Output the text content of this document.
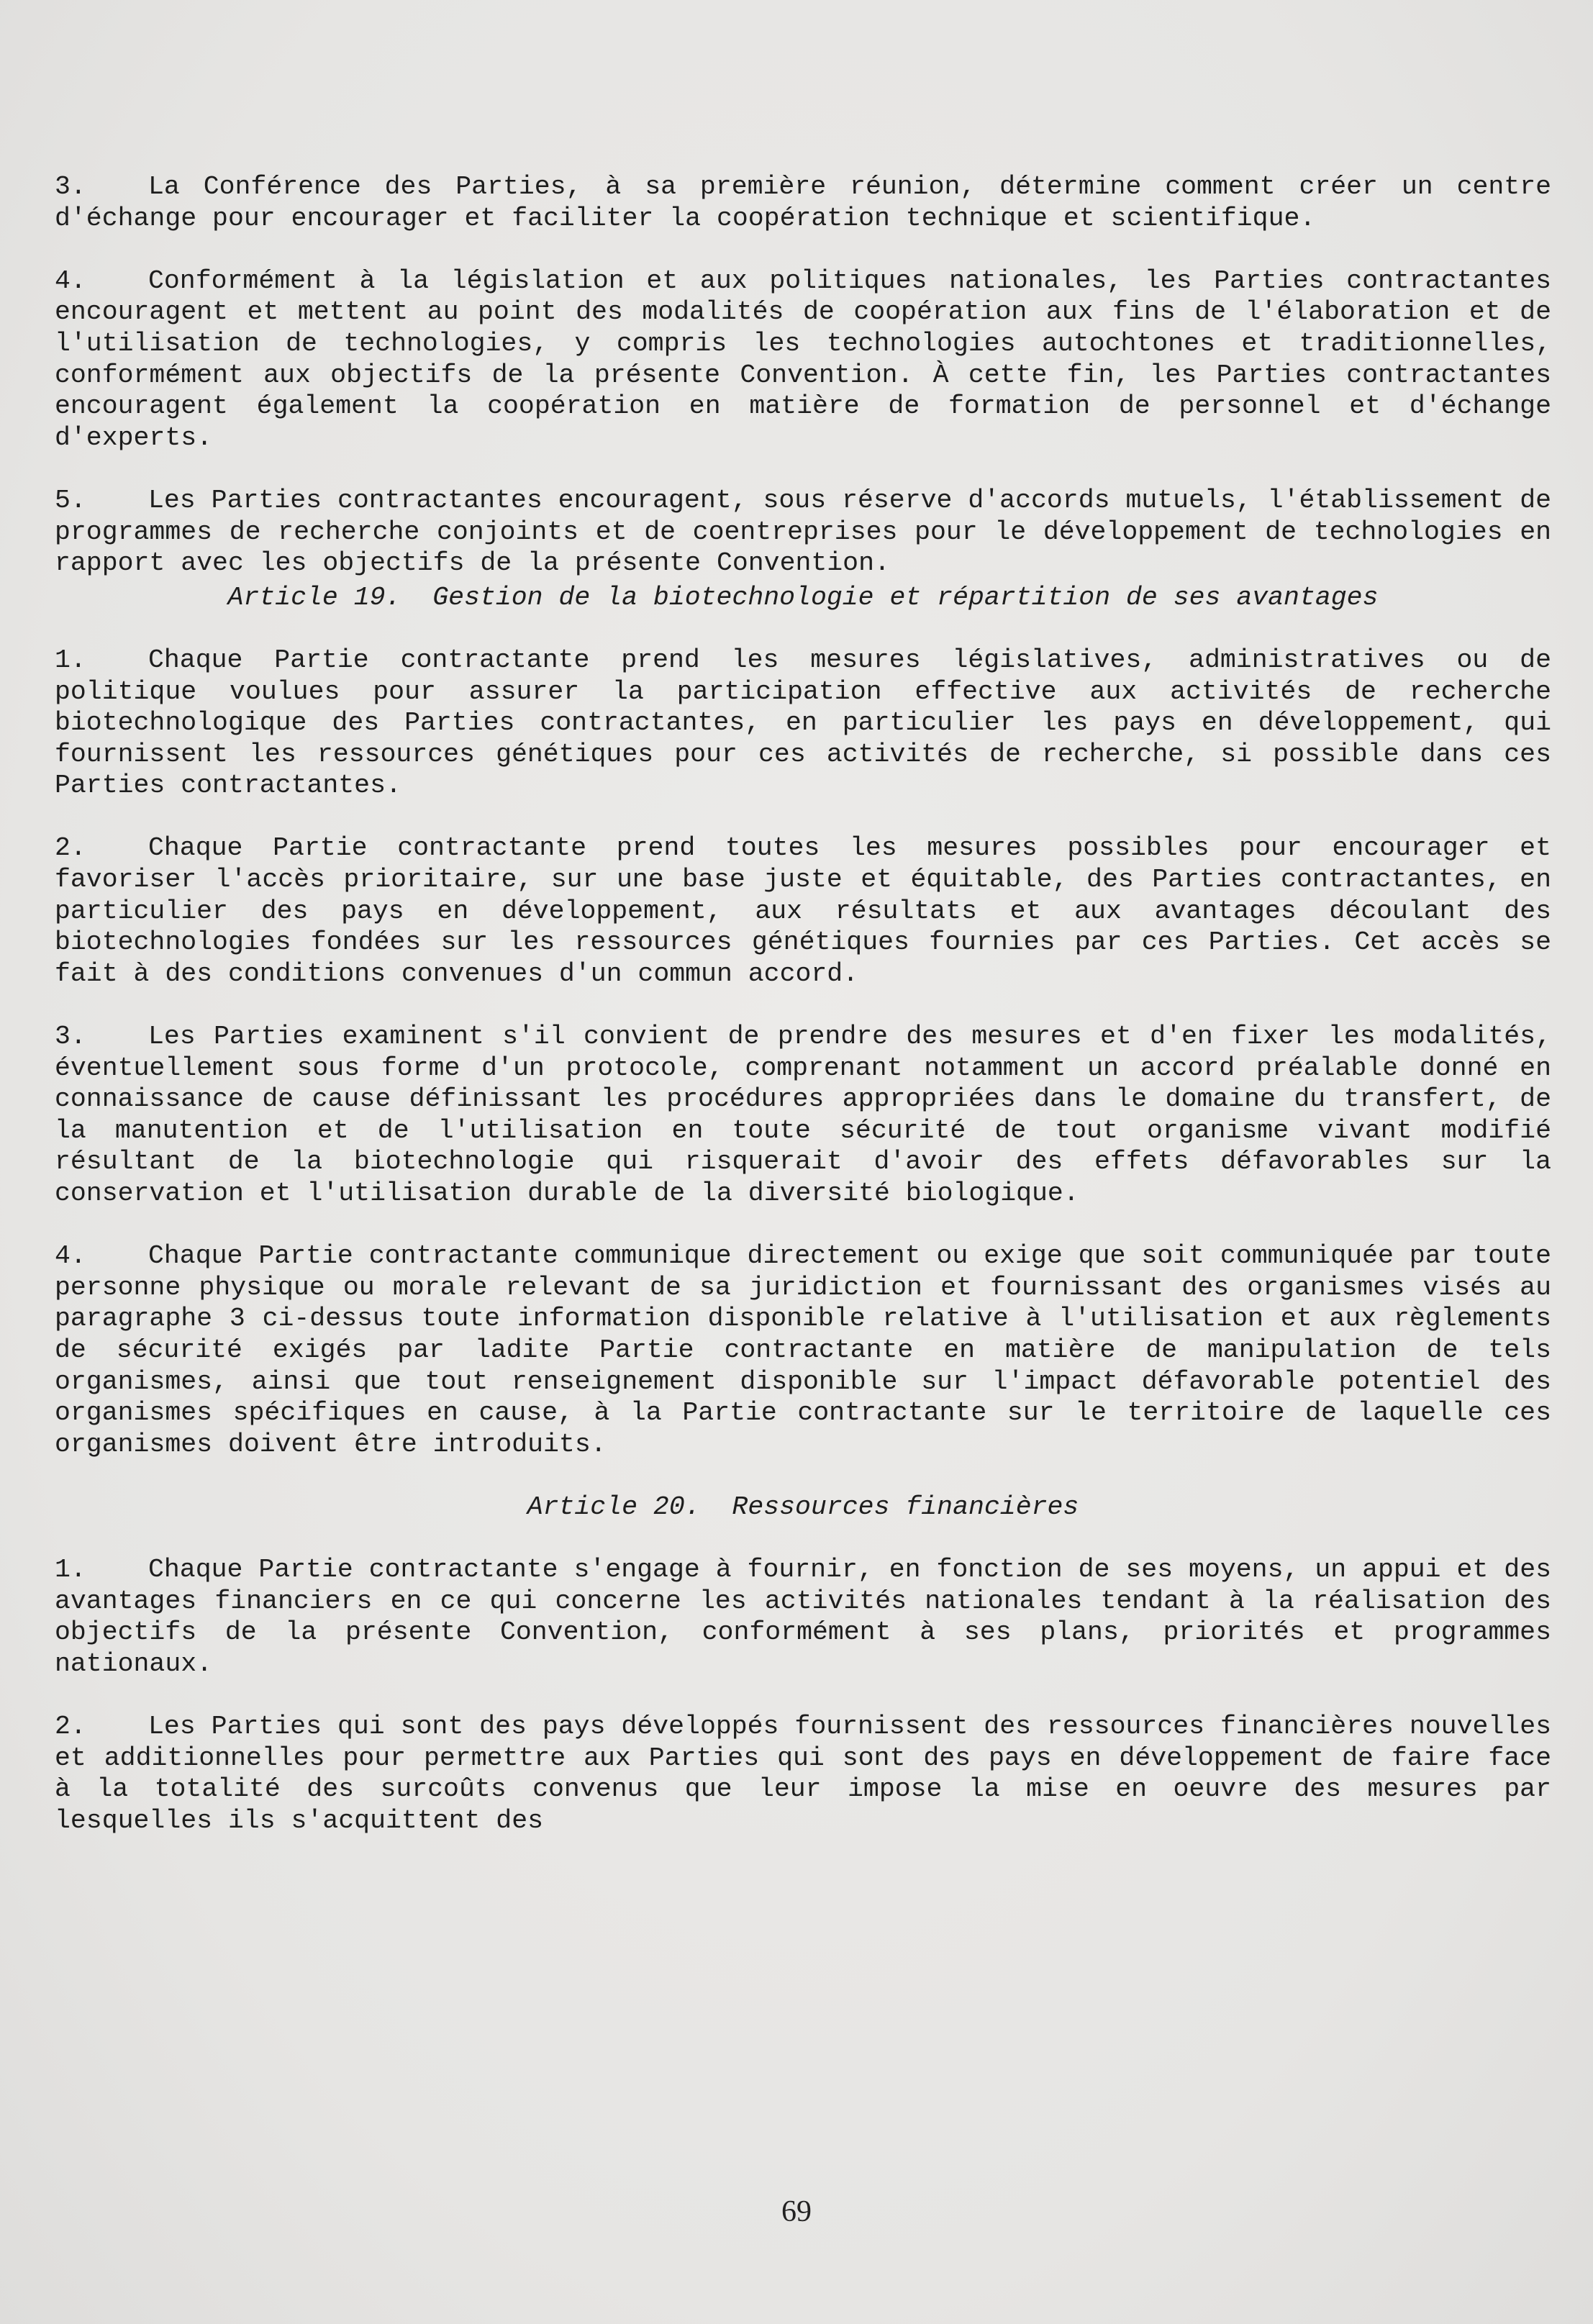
3. La Conférence des Parties, à sa première réunion, détermine comment créer un centre d'échange pour encourager et faciliter la coopération technique et scientifique.

4. Conformément à la législation et aux politiques nationales, les Parties contractantes encouragent et mettent au point des modalités de coopération aux fins de l'élaboration et de l'utilisation de technologies, y compris les technologies autochtones et traditionnelles, conformément aux objectifs de la présente Convention. À cette fin, les Parties contractantes encouragent également la coopération en matière de formation de personnel et d'échange d'experts.

5. Les Parties contractantes encouragent, sous réserve d'accords mutuels, l'établissement de programmes de recherche conjoints et de coentreprises pour le développement de technologies en rapport avec les objectifs de la présente Convention.

Article 19.  Gestion de la biotechnologie et répartition de ses avantages

1. Chaque Partie contractante prend les mesures législatives, administratives ou de politique voulues pour assurer la participation effective aux activités de recherche biotechnologique des Parties contractantes, en particulier les pays en développement, qui fournissent les ressources génétiques pour ces activités de recherche, si possible dans ces Parties contractantes.

2. Chaque Partie contractante prend toutes les mesures possibles pour encourager et favoriser l'accès prioritaire, sur une base juste et équitable, des Parties contractantes, en particulier des pays en développement, aux résultats et aux avantages découlant des biotechnologies fondées sur les ressources génétiques fournies par ces Parties. Cet accès se fait à des conditions convenues d'un commun accord.

3. Les Parties examinent s'il convient de prendre des mesures et d'en fixer les modalités, éventuellement sous forme d'un protocole, comprenant notamment un accord préalable donné en connaissance de cause définissant les procédures appropriées dans le domaine du transfert, de la manutention et de l'utilisation en toute sécurité de tout organisme vivant modifié résultant de la biotechnologie qui risquerait d'avoir des effets défavorables sur la conservation et l'utilisation durable de la diversité biologique.

4. Chaque Partie contractante communique directement ou exige que soit communiquée par toute personne physique ou morale relevant de sa juridiction et fournissant des organismes visés au paragraphe 3 ci-dessus toute information disponible relative à l'utilisation et aux règlements de sécurité exigés par ladite Partie contractante en matière de manipulation de tels organismes, ainsi que tout renseignement disponible sur l'impact défavorable potentiel des organismes spécifiques en cause, à la Partie contractante sur le territoire de laquelle ces organismes doivent être introduits.

Article 20.  Ressources financières

1. Chaque Partie contractante s'engage à fournir, en fonction de ses moyens, un appui et des avantages financiers en ce qui concerne les activités nationales tendant à la réalisation des objectifs de la présente Convention, conformément à ses plans, priorités et programmes nationaux.

2. Les Parties qui sont des pays développés fournissent des ressources financières nouvelles et additionnelles pour permettre aux Parties qui sont des pays en développement de faire face à la totalité des surcoûts convenus que leur impose la mise en oeuvre des mesures par lesquelles ils s'acquittent des

69
